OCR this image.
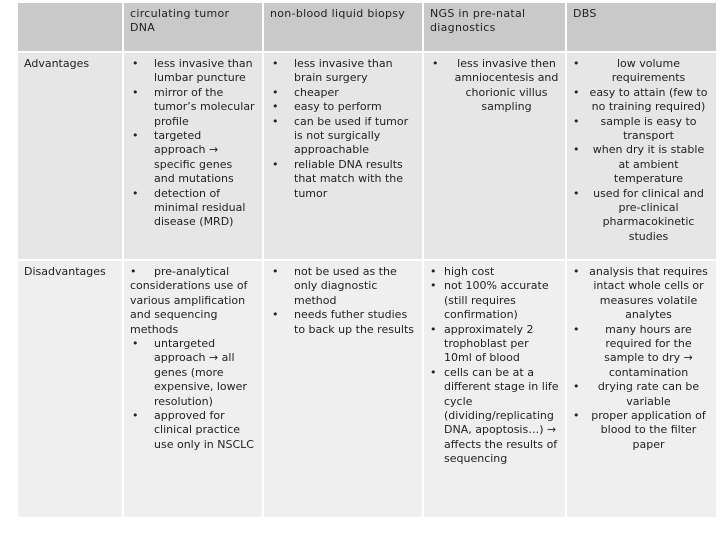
circulating tumor DNA
non-blood liquid biopsy	NGS in pre-natal diagnostics
DBS
Advantages
•	less invasive than lumbar puncture
• mirror of the tumor’s molecular profile
• targeted approach → specific genes and mutations
• detection of minimal residual disease (MRD)
• less invasive than brain surgery
• cheaper
• easy to perform
• can be used if tumor is not surgically approachable
• reliable DNA results that match with the tumor
• less invasive then amniocentesis and chorionic villus sampling
• low volume requirements
• easy to attain (few to no training required)
• sample is easy to transport
• when dry it is stable at ambient temperature
• used for clinical and pre-clinical pharmacokinetic studies
Disadvantages	• pre-analytical considerations use of various amplification and sequencing methods
• untargeted approach → all genes (more expensive, lower resolution)
• approved for clinical practice use only in NSCLC
• not be used as the only diagnostic method
• needs futher studies to back up the results
• high cost
• not 100% accurate (still requires confirmation)
• approximately 2 trophoblast per 10ml of blood
• cells can be at a different stage in life cycle (dividing/replicating DNA, apoptosis…) → affects the results of sequencing
• analysis that requires intact whole cells or measures volatile analytes
• many hours are required for the sample to dry → contamination
• drying rate can be variable
• proper application of blood to the filter paper
